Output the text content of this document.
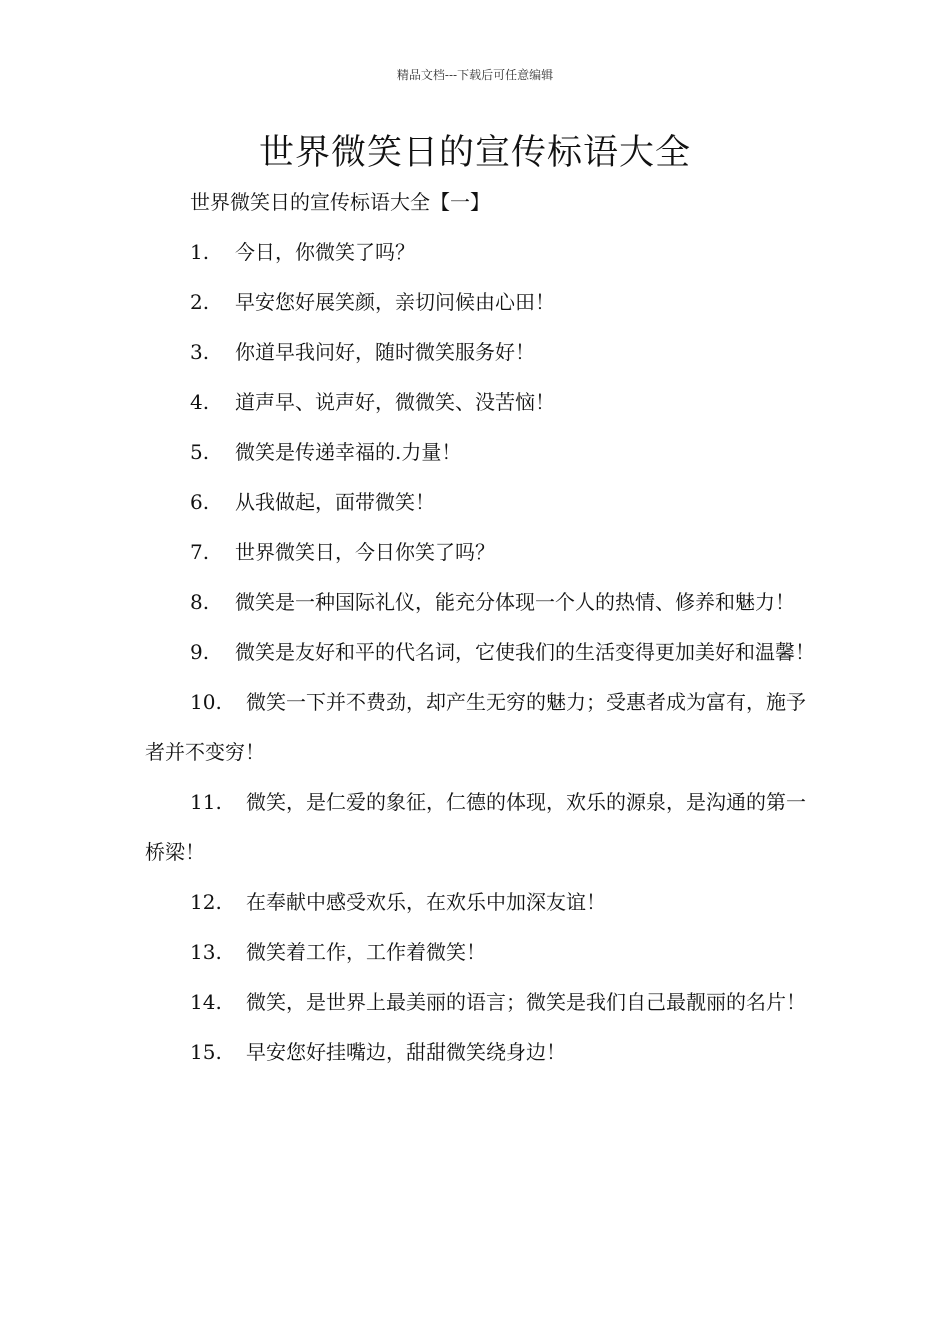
精品文档---下载后可任意编辑
世界微笑日的宣传标语大全

世界微笑日的宣传标语大全【一】

1. 今日，你微笑了吗？

2. 早安您好展笑颜，亲切问候由心田！

3. 你道早我问好，随时微笑服务好！

4. 道声早、说声好，微微笑、没苦恼！

5. 微笑是传递幸福的.力量！

6. 从我做起，面带微笑！

7. 世界微笑日，今日你笑了吗？

8. 微笑是一种国际礼仪，能充分体现一个人的热情、修养和魅力！

9. 微笑是友好和平的代名词，它使我们的生活变得更加美好和温馨！

10. 微笑一下并不费劲，却产生无穷的魅力；受惠者成为富有，施予者并不变穷！

11. 微笑，是仁爱的象征，仁德的体现，欢乐的源泉，是沟通的第一桥梁！

12. 在奉献中感受欢乐，在欢乐中加深友谊！

13. 微笑着工作，工作着微笑！

14. 微笑，是世界上最美丽的语言；微笑是我们自己最靓丽的名片！

15. 早安您好挂嘴边，甜甜微笑绕身边！
